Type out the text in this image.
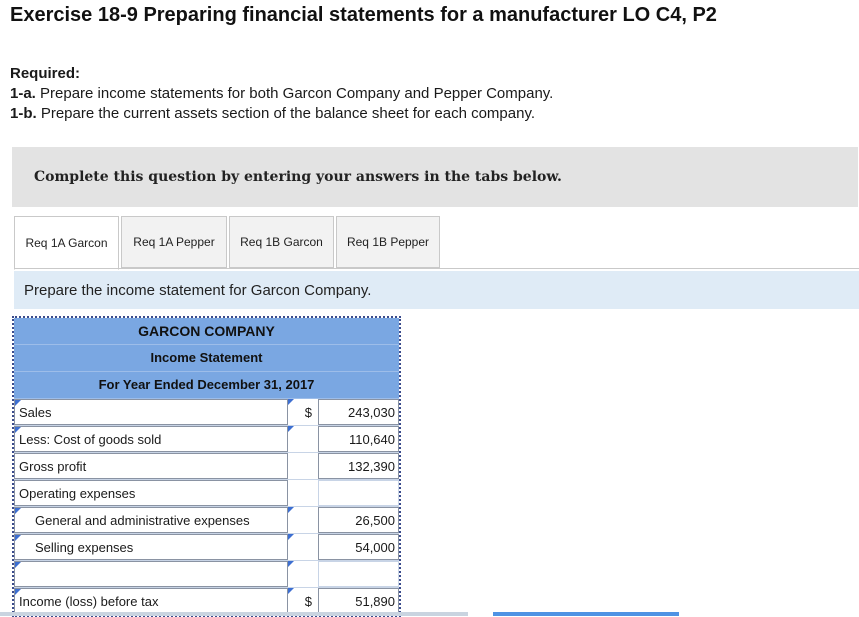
Exercise 18-9 Preparing financial statements for a manufacturer LO C4, P2
Required:
1-a. Prepare income statements for both Garcon Company and Pepper Company.
1-b. Prepare the current assets section of the balance sheet for each company.
Complete this question by entering your answers in the tabs below.
Req 1A Garcon	Req 1A Pepper	Req 1B Garcon	Req 1B Pepper
Prepare the income statement for Garcon Company.
GARCON COMPANY
Income Statement
For Year Ended December 31, 2017
Sales	$	243,030
Less: Cost of goods sold	110,640
Gross profit	132,390
Operating expenses
General and administrative expenses	26,500
Selling expenses	54,000
Income (loss) before tax	$	51,890
